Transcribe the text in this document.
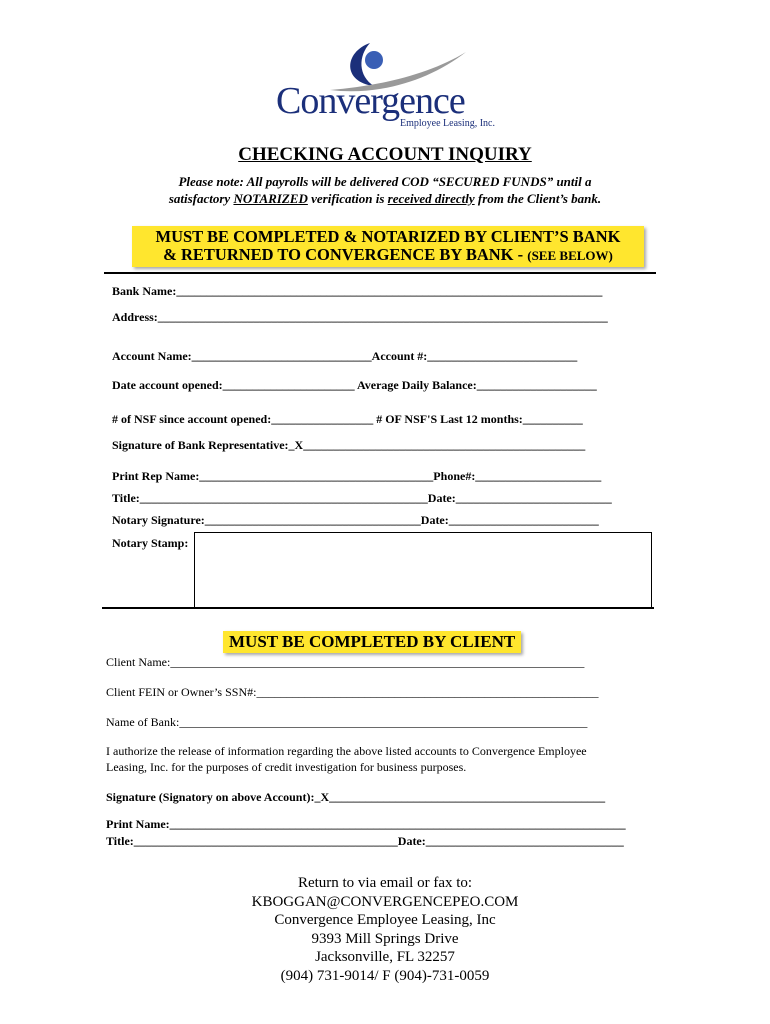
Convergence
Employee Leasing, Inc.
CHECKING ACCOUNT INQUIRY
Please note: All payrolls will be delivered COD “SECURED FUNDS” until a
satisfactory NOTARIZED verification is received directly from the Client’s bank.
MUST BE COMPLETED & NOTARIZED BY CLIENT’S BANK
& RETURNED TO CONVERGENCE BY BANK - (SEE BELOW)
Bank Name:_______________________________________________________________________
Address:___________________________________________________________________________
Account Name:______________________________Account #:_________________________
Date account opened:______________________ Average Daily Balance:____________________
# of NSF since account opened:_________________ # OF NSF'S Last 12 months:__________
Signature of Bank Representative:_X_______________________________________________
Print Rep Name:_______________________________________Phone#:_____________________
Title:________________________________________________Date:__________________________
Notary Signature:____________________________________Date:_________________________
Notary Stamp:
MUST BE COMPLETED BY CLIENT
Client Name:_____________________________________________________________________
Client FEIN or Owner’s SSN#:_________________________________________________________
Name of Bank:____________________________________________________________________
I authorize the release of information regarding the above listed accounts to Convergence Employee
Leasing, Inc. for the purposes of credit investigation for business purposes.
Signature (Signatory on above Account):_X______________________________________________
Print Name:____________________________________________________________________________
Title:____________________________________________Date:_________________________________
Return to via email or fax to:
KBOGGAN@CONVERGENCEPEO.COM
Convergence Employee Leasing, Inc
9393 Mill Springs Drive
Jacksonville, FL 32257
(904) 731-9014/ F (904)-731-0059
